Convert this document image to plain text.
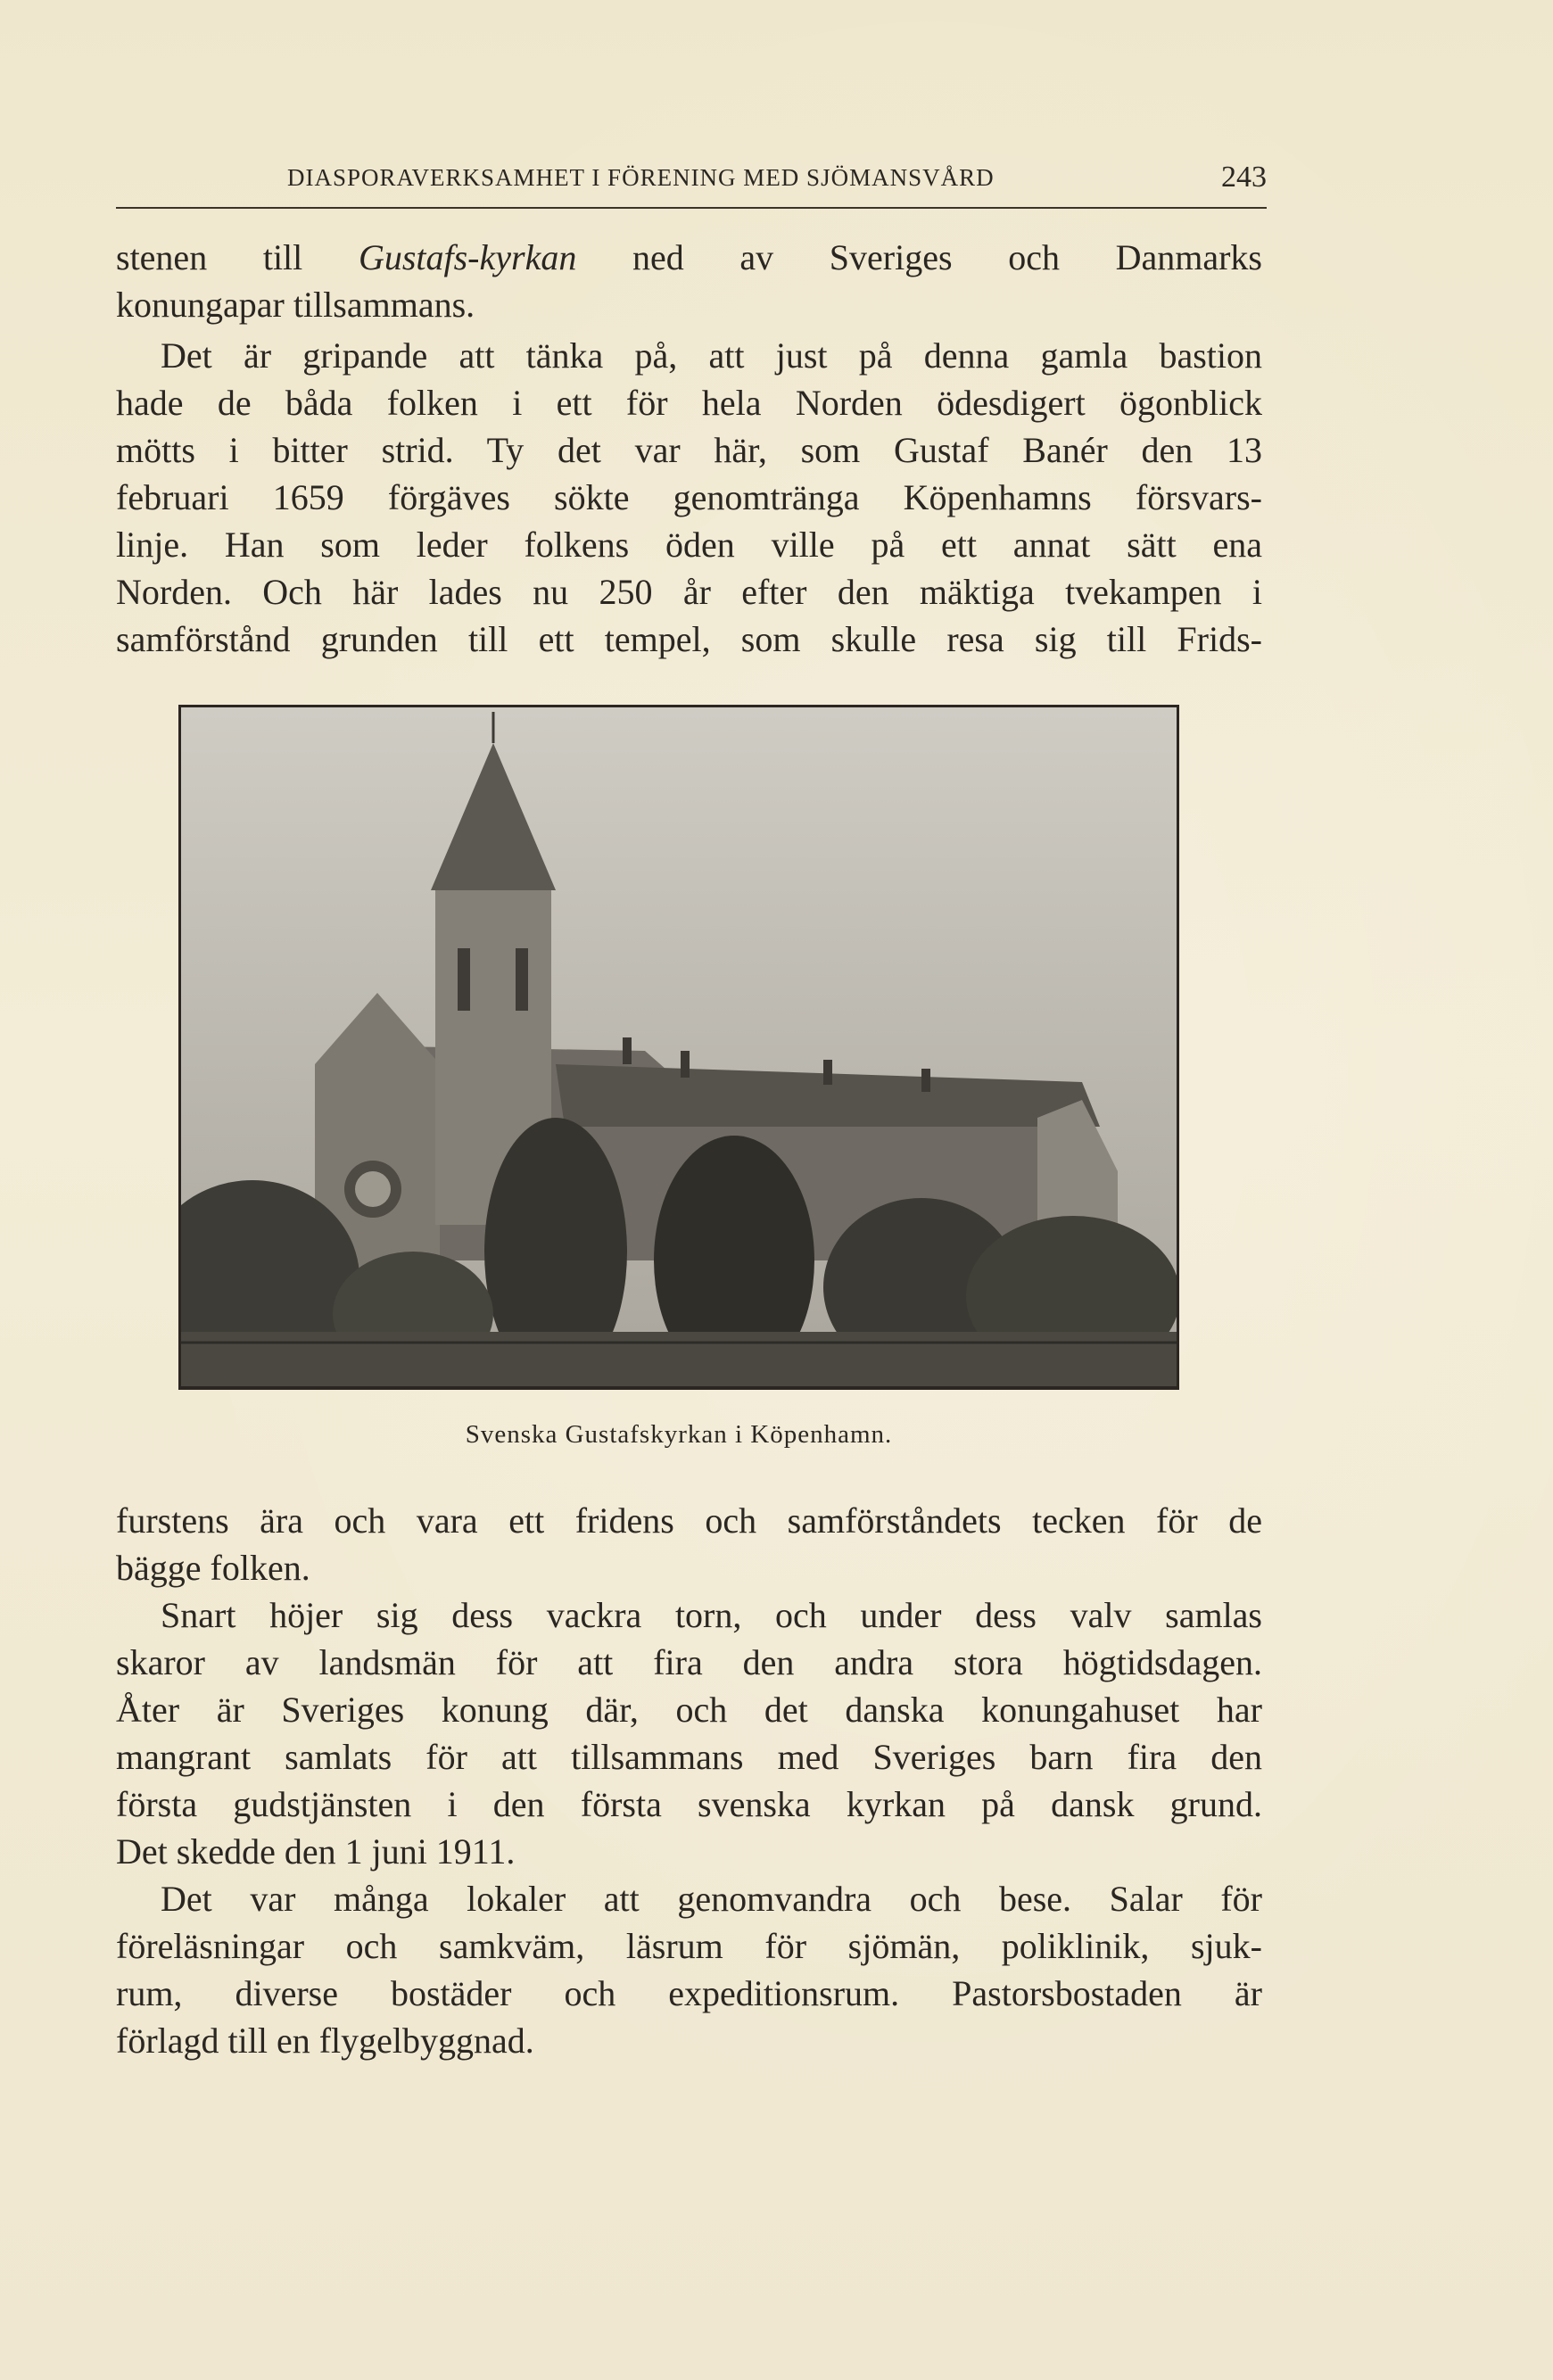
DIASPORAVERKSAMHET I FÖRENING MED SJÖMANSVÅRD	243
stenen till Gustafs-kyrkan ned av Sveriges och Danmarks
konungapar tillsammans.
Det är gripande att tänka på, att just på denna gamla bastion
hade de båda folken i ett för hela Norden ödesdigert ögonblick
mötts i bitter strid. Ty det var här, som Gustaf Banér den 13
februari 1659 förgäves sökte genomtränga Köpenhamns försvars-
linje. Han som leder folkens öden ville på ett annat sätt ena
Norden. Och här lades nu 250 år efter den mäktiga tvekampen i
samförstånd grunden till ett tempel, som skulle resa sig till Frids-
Svenska Gustafskyrkan i Köpenhamn.
furstens ära och vara ett fridens och samförståndets tecken för de
bägge folken.
Snart höjer sig dess vackra torn, och under dess valv samlas
skaror av landsmän för att fira den andra stora högtidsdagen.
Åter är Sveriges konung där, och det danska konungahuset har
mangrant samlats för att tillsammans med Sveriges barn fira den
första gudstjänsten i den första svenska kyrkan på dansk grund.
Det skedde den 1 juni 1911.
Det var många lokaler att genomvandra och bese. Salar för
föreläsningar och samkväm, läsrum för sjömän, poliklinik, sjuk-
rum, diverse bostäder och expeditionsrum. Pastorsbostaden är
förlagd till en flygelbyggnad.
